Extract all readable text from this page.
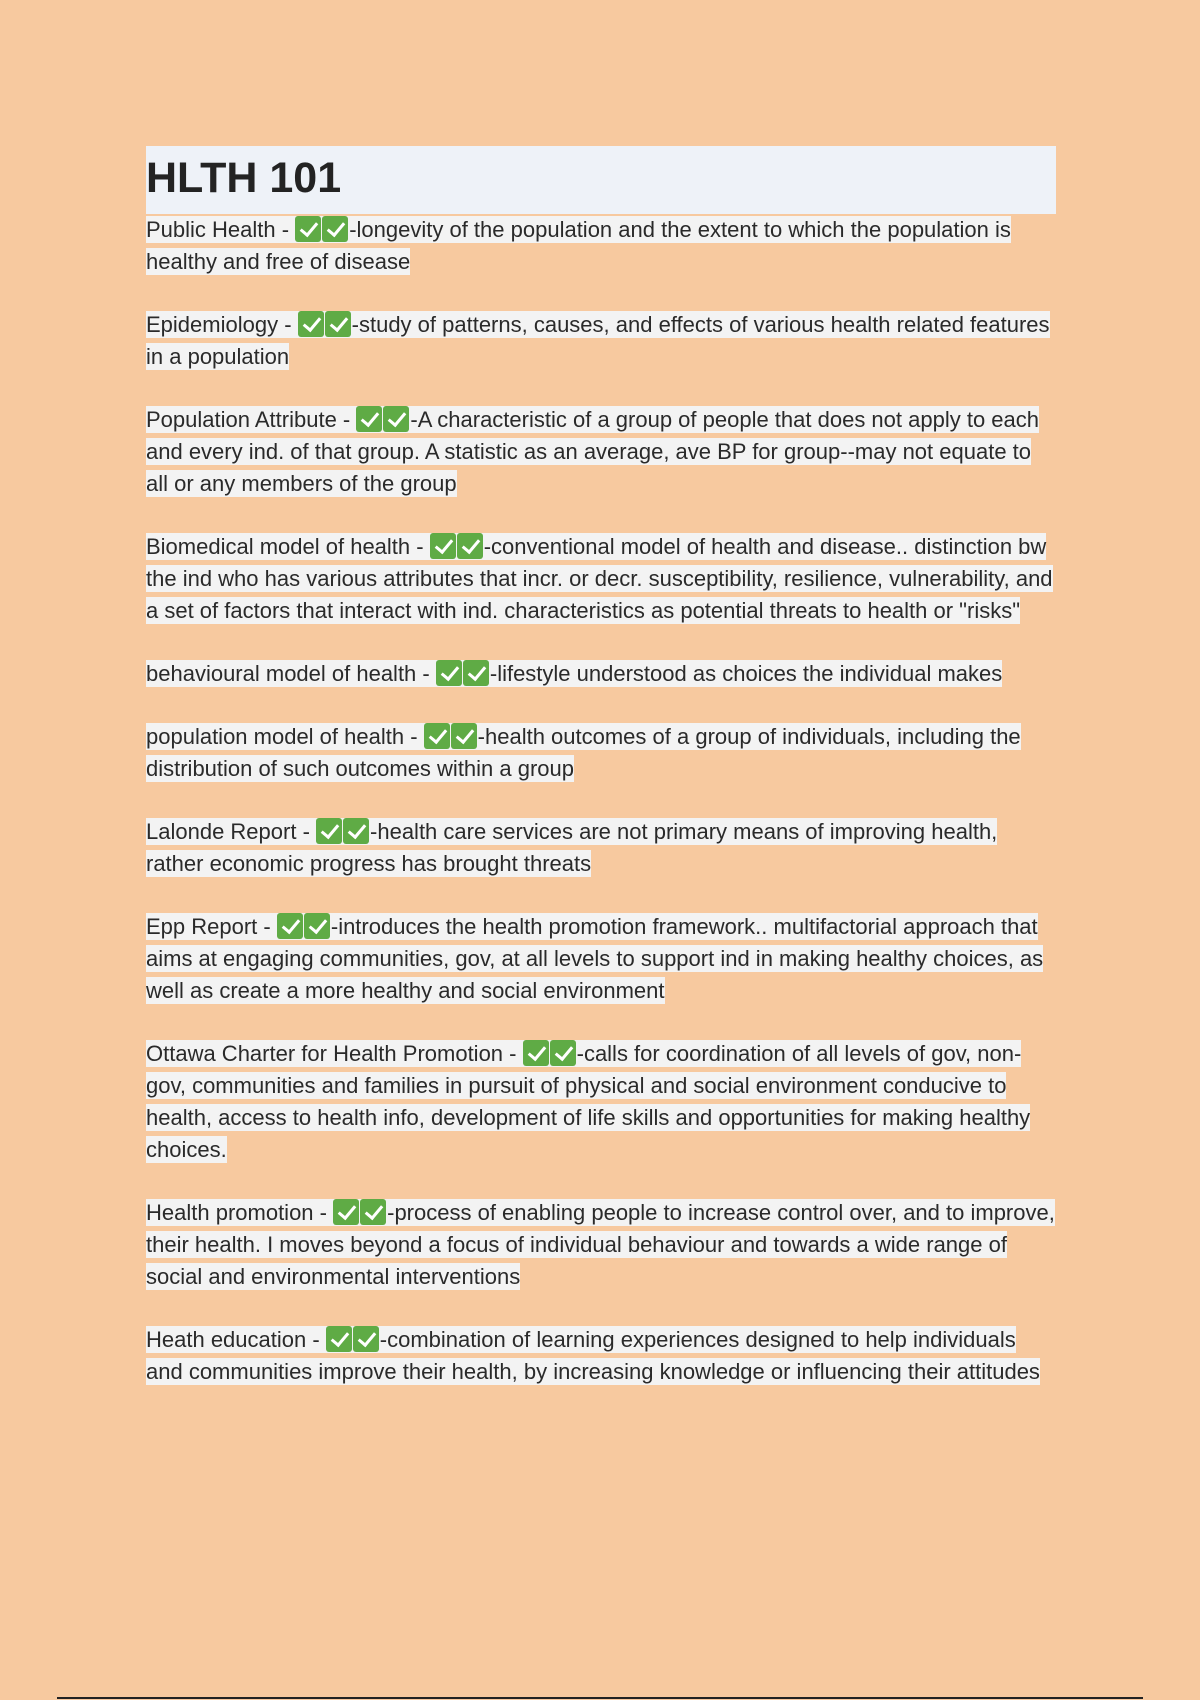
HLTH 101
Public Health - -longevity of the population and the extent to which the population is healthy and free of disease
Epidemiology - -study of patterns, causes, and effects of various health related features in a population
Population Attribute - -A characteristic of a group of people that does not apply to each and every ind. of that group. A statistic as an average, ave BP for group--may not equate to all or any members of the group
Biomedical model of health - -conventional model of health and disease.. distinction bw the ind who has various attributes that incr. or decr. susceptibility, resilience, vulnerability, and a set of factors that interact with ind. characteristics as potential threats to health or "risks"
behavioural model of health - -lifestyle understood as choices the individual makes
population model of health - -health outcomes of a group of individuals, including the distribution of such outcomes within a group
Lalonde Report - -health care services are not primary means of improving health, rather economic progress has brought threats
Epp Report - -introduces the health promotion framework.. multifactorial approach that aims at engaging communities, gov, at all levels to support ind in making healthy choices, as well as create a more healthy and social environment
Ottawa Charter for Health Promotion - -calls for coordination of all levels of gov, non-gov, communities and families in pursuit of physical and social environment conducive to health, access to health info, development of life skills and opportunities for making healthy choices.
Health promotion - -process of enabling people to increase control over, and to improve, their health. I moves beyond a focus of individual behaviour and towards a wide range of social and environmental interventions
Heath education - -combination of learning experiences designed to help individuals and communities improve their health, by increasing knowledge or influencing their attitudes
